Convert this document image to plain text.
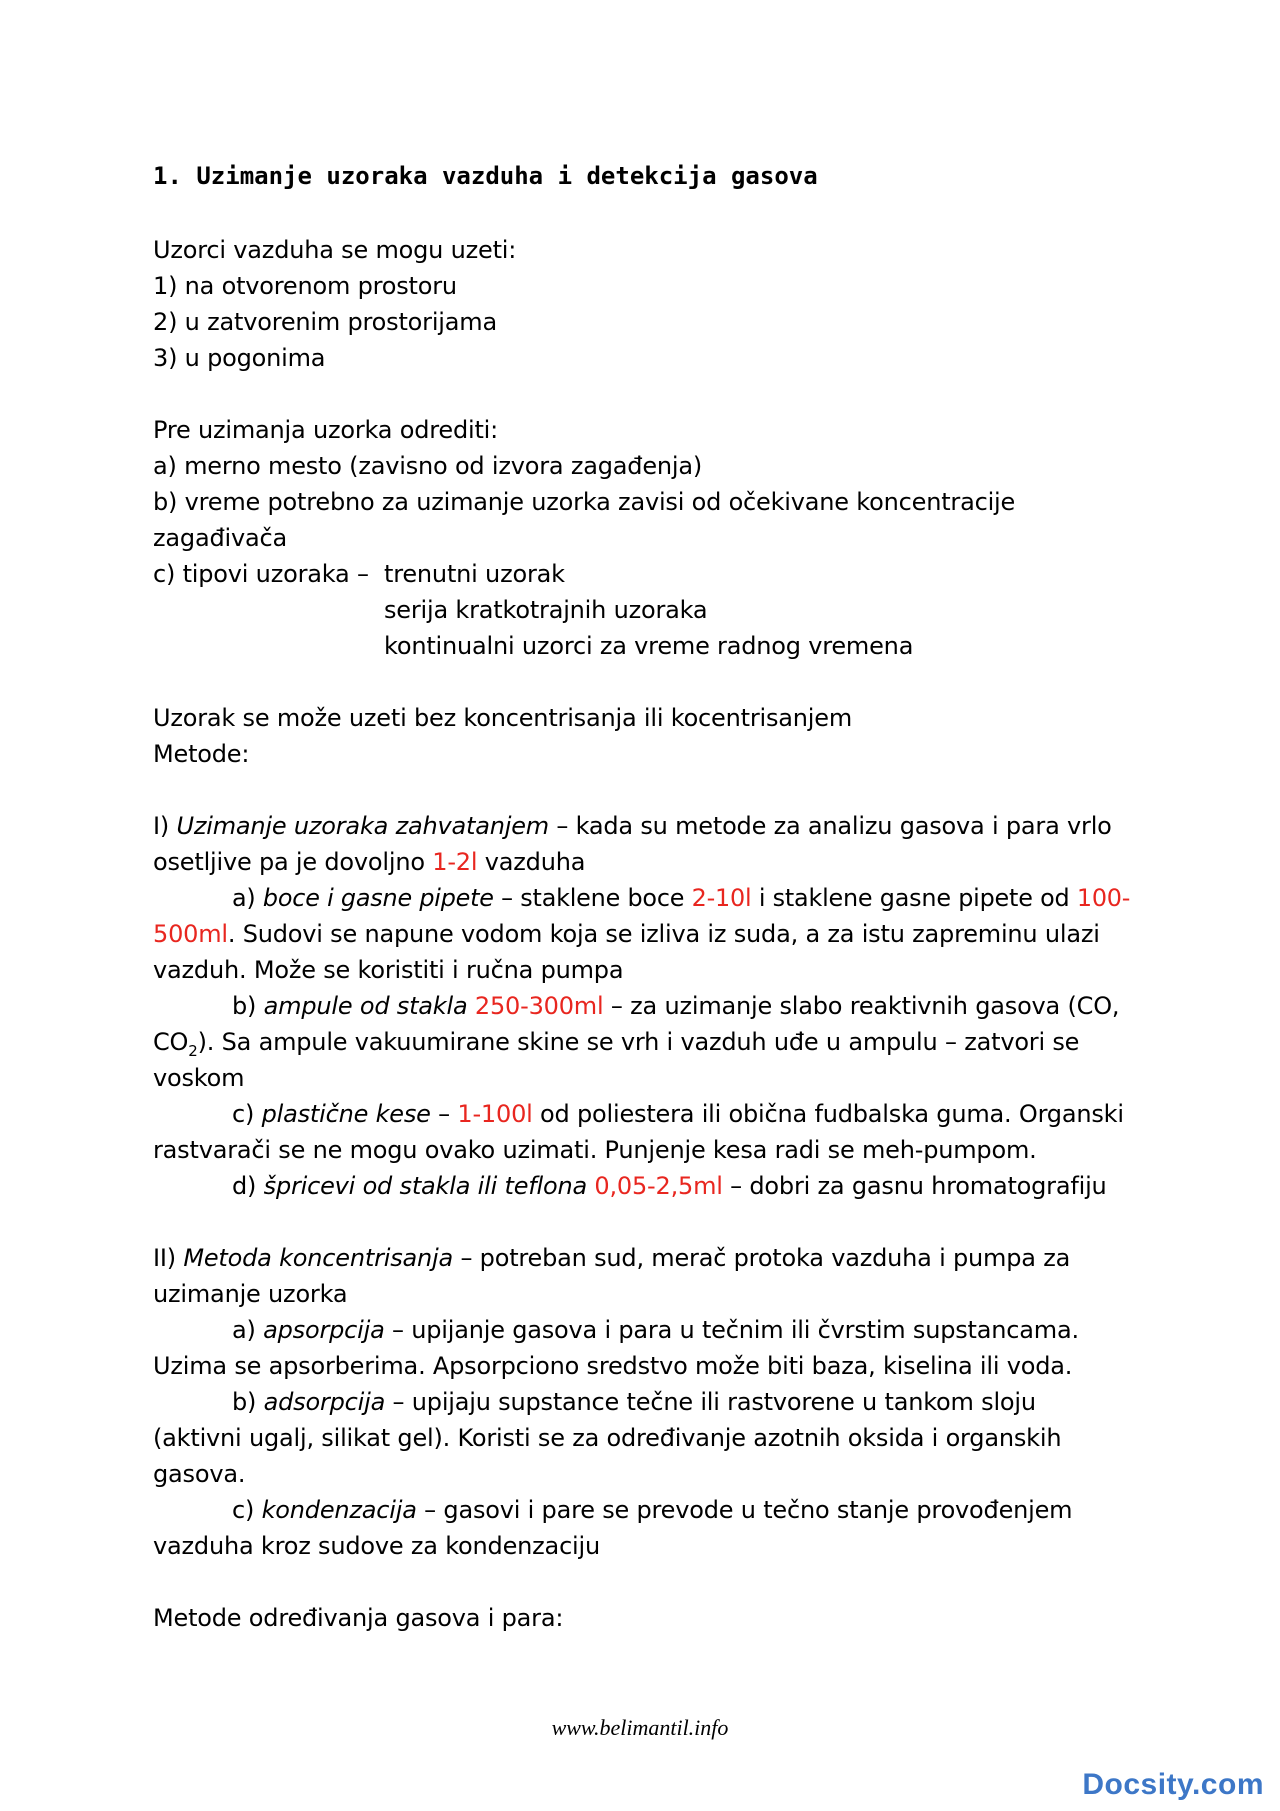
1. Uzimanje uzoraka vazduha i detekcija gasova
Uzorci vazduha se mogu uzeti:
1) na otvorenom prostoru
2) u zatvorenim prostorijama
3) u pogonima
Pre uzimanja uzorka odrediti:
a) merno mesto (zavisno od izvora zagađenja)
b) vreme potrebno za uzimanje uzorka zavisi od očekivane koncentracije
zagađivača
c) tipovi uzoraka – trenutni uzorak
serija kratkotrajnih uzoraka
kontinualni uzorci za vreme radnog vremena
Uzorak se može uzeti bez koncentrisanja ili kocentrisanjem
Metode:
I) Uzimanje uzoraka zahvatanjem – kada su metode za analizu gasova i para vrlo
osetljive pa je dovoljno 1-2l vazduha
a) boce i gasne pipete – staklene boce 2-10l i staklene gasne pipete od 100-
500ml. Sudovi se napune vodom koja se izliva iz suda, a za istu zapreminu ulazi
vazduh. Može se koristiti i ručna pumpa
b) ampule od stakla 250-300ml – za uzimanje slabo reaktivnih gasova (CO,
$CO_2$). Sa ampule vakuumirane skine se vrh i vazduh uđe u ampulu – zatvori se
voskom
c) plastične kese – 1-100l od poliestera ili obična fudbalska guma. Organski
rastvarači se ne mogu ovako uzimati. Punjenje kesa radi se meh-pumpom.
d) špricevi od stakla ili teflona 0,05-2,5ml – dobri za gasnu hromatografiju
II) Metoda koncentrisanja – potreban sud, merač protoka vazduha i pumpa za
uzimanje uzorka
a) apsorpcija – upijanje gasova i para u tečnim ili čvrstim supstancama.
Uzima se apsorberima. Apsorpciono sredstvo može biti baza, kiselina ili voda.
b) adsorpcija – upijaju supstance tečne ili rastvorene u tankom sloju
(aktivni ugalj, silikat gel). Koristi se za određivanje azotnih oksida i organskih
gasova.
c) kondenzacija – gasovi i pare se prevode u tečno stanje provođenjem
vazduha kroz sudove za kondenzaciju
Metode određivanja gasova i para:
www.belimantil.info
Docsity.com
